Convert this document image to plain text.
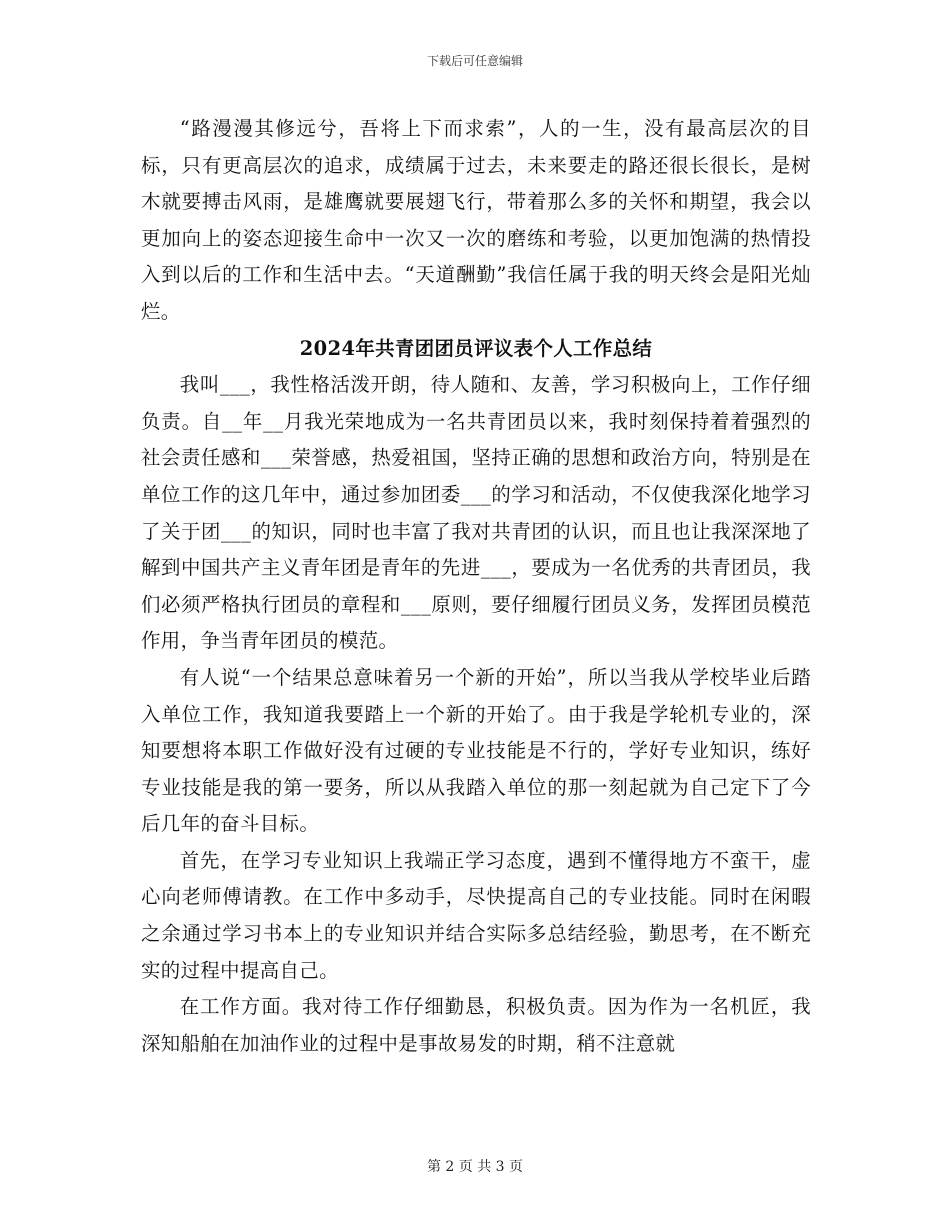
下载后可任意编辑

“路漫漫其修远兮，吾将上下而求索”，人的一生，没有最高层次的目标，只有更高层次的追求，成绩属于过去，未来要走的路还很长很长，是树木就要搏击风雨，是雄鹰就要展翅飞行，带着那么多的关怀和期望，我会以更加向上的姿态迎接生命中一次又一次的磨练和考验，以更加饱满的热情投入到以后的工作和生活中去。“天道酬勤”我信任属于我的明天终会是阳光灿烂。

2024年共青团团员评议表个人工作总结

我叫___，我性格活泼开朗，待人随和、友善，学习积极向上，工作仔细负责。自__年__月我光荣地成为一名共青团员以来，我时刻保持着着强烈的社会责任感和___荣誉感，热爱祖国，坚持正确的思想和政治方向，特别是在单位工作的这几年中，通过参加团委___的学习和活动，不仅使我深化地学习了关于团___的知识，同时也丰富了我对共青团的认识，而且也让我深深地了解到中国共产主义青年团是青年的先进___，要成为一名优秀的共青团员，我们必须严格执行团员的章程和___原则，要仔细履行团员义务，发挥团员模范作用，争当青年团员的模范。

有人说“一个结果总意味着另一个新的开始”，所以当我从学校毕业后踏入单位工作，我知道我要踏上一个新的开始了。由于我是学轮机专业的，深知要想将本职工作做好没有过硬的专业技能是不行的，学好专业知识，练好专业技能是我的第一要务，所以从我踏入单位的那一刻起就为自己定下了今后几年的奋斗目标。

首先，在学习专业知识上我端正学习态度，遇到不懂得地方不蛮干，虚心向老师傅请教。在工作中多动手，尽快提高自己的专业技能。同时在闲暇之余通过学习书本上的专业知识并结合实际多总结经验，勤思考，在不断充实的过程中提高自己。

在工作方面。我对待工作仔细勤恳，积极负责。因为作为一名机匠，我深知船舶在加油作业的过程中是事故易发的时期，稍不注意就

第 2 页 共 3 页
